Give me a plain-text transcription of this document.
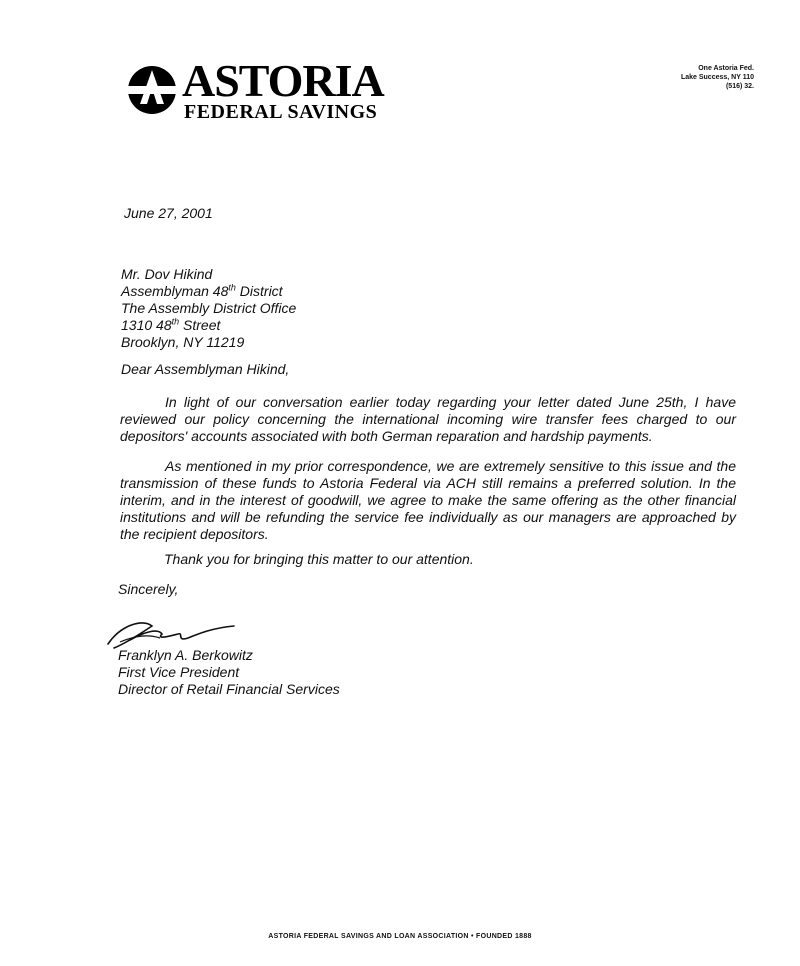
ASTORIA
FEDERAL SAVINGS
One Astoria Fed.
Lake Success, NY 110
(516) 32.
June 27, 2001
Mr. Dov Hikind
Assemblyman 48th District
The Assembly District Office
1310 48th Street
Brooklyn, NY 11219
Dear Assemblyman Hikind,
In light of our conversation earlier today regarding your letter dated June 25th, I have reviewed our policy concerning the international incoming wire transfer fees charged to our depositors' accounts associated with both German reparation and hardship payments.
As mentioned in my prior correspondence, we are extremely sensitive to this issue and the transmission of these funds to Astoria Federal via ACH still remains a preferred solution. In the interim, and in the interest of goodwill, we agree to make the same offering as the other financial institutions and will be refunding the service fee individually as our managers are approached by the recipient depositors.
Thank you for bringing this matter to our attention.
Sincerely,
Franklyn A. Berkowitz
First Vice President
Director of Retail Financial Services
ASTORIA FEDERAL SAVINGS AND LOAN ASSOCIATION • FOUNDED 1888
